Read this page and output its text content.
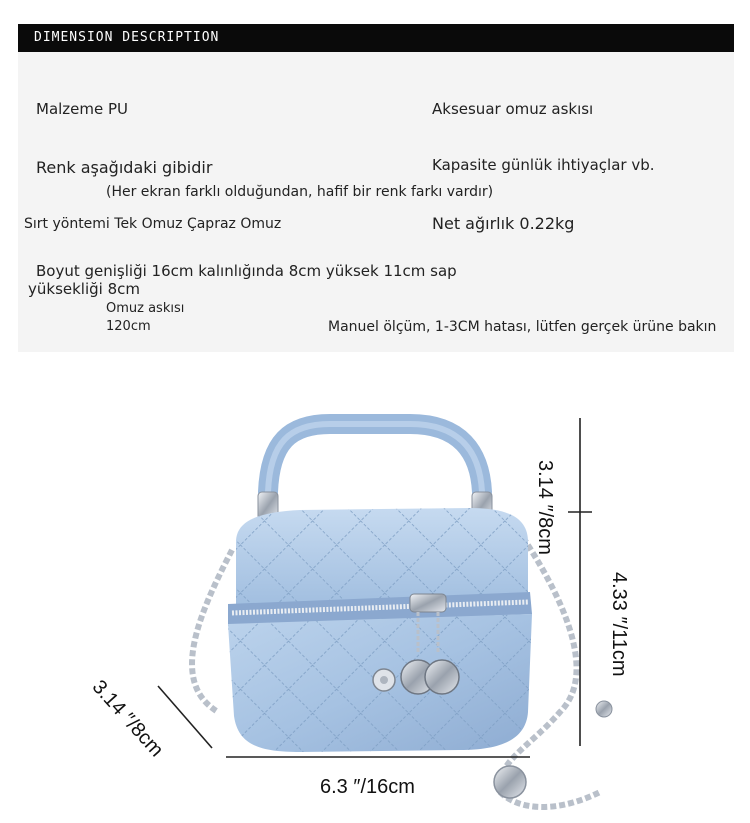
DIMENSION DESCRIPTION
Malzeme PU	Aksesuar omuz askısı
Renk aşağıdaki gibidir	Kapasite günlük ihtiyaçlar vb.
(Her ekran farklı olduğundan, hafif bir renk farkı vardır)
Sırt yöntemi Tek Omuz Çapraz Omuz	Net ağırlık 0.22kg
Boyut genişliği 16cm kalınlığında 8cm yüksek 11cm sap
yüksekliği 8cm
Omuz askısı
120cm	Manuel ölçüm, 1-3CM hatası, lütfen gerçek ürüne bakın
3.14 ″/8cm
4.33 ″/11cm
3.14 ″/8cm
6.3 ″/16cm
